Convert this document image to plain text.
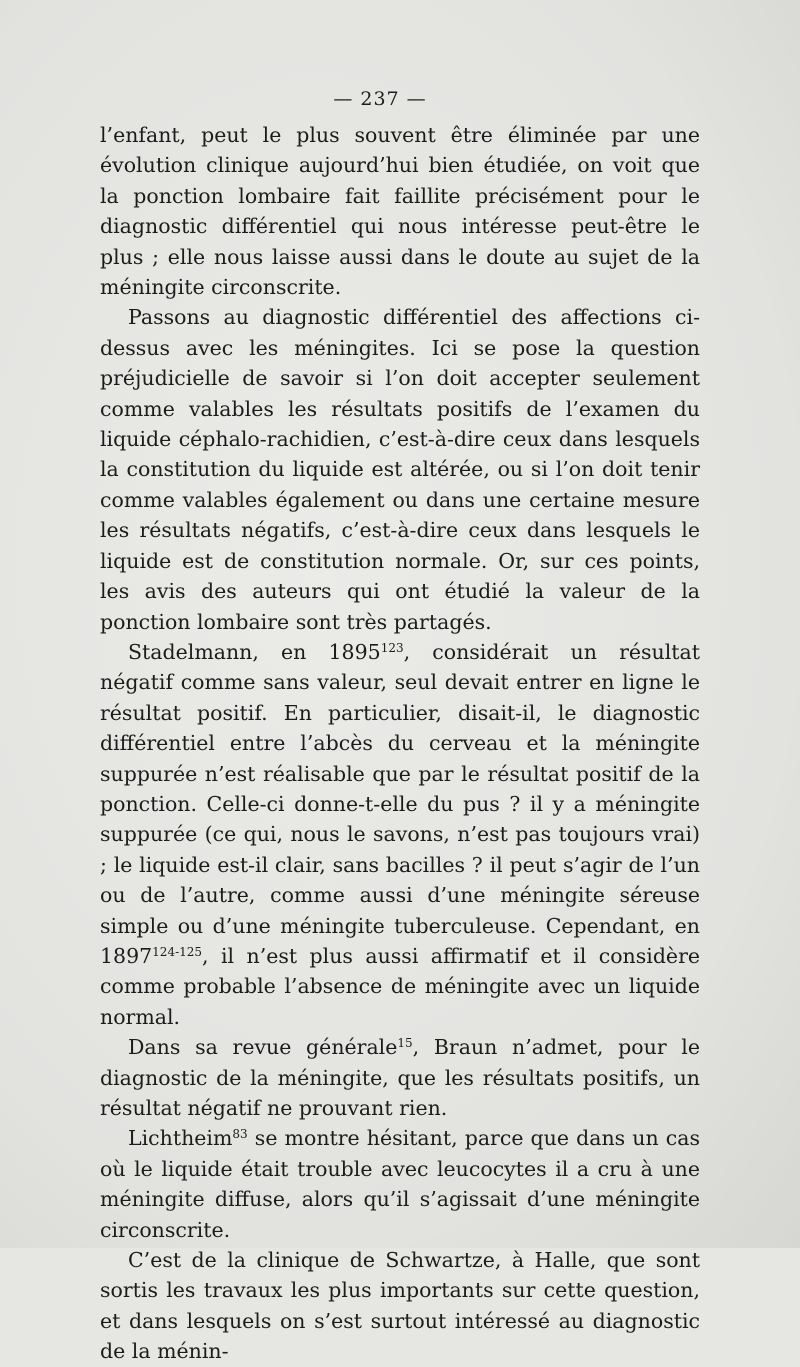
— 237 —

l’enfant, peut le plus souvent être éliminée par une évolution clinique aujourd’hui bien étudiée, on voit que la ponction lombaire fait faillite précisément pour le diagnostic différentiel qui nous intéresse peut-être le plus ; elle nous laisse aussi dans le doute au sujet de la méningite circonscrite.

Passons au diagnostic différentiel des affections ci-dessus avec les méningites. Ici se pose la question préjudicielle de savoir si l’on doit accepter seulement comme valables les résultats positifs de l’examen du liquide céphalo-rachidien, c’est-à-dire ceux dans lesquels la constitution du liquide est altérée, ou si l’on doit tenir comme valables également ou dans une certaine mesure les résultats négatifs, c’est-à-dire ceux dans lesquels le liquide est de constitution normale. Or, sur ces points, les avis des auteurs qui ont étudié la valeur de la ponction lombaire sont très partagés.

Stadelmann, en 1895$^{123}$, considérait un résultat négatif comme sans valeur, seul devait entrer en ligne le résultat positif. En particulier, disait-il, le diagnostic différentiel entre l’abcès du cerveau et la méningite suppurée n’est réalisable que par le résultat positif de la ponction. Celle-ci donne-t-elle du pus ? il y a méningite suppurée (ce qui, nous le savons, n’est pas toujours vrai) ; le liquide est-il clair, sans bacilles ? il peut s’agir de l’un ou de l’autre, comme aussi d’une méningite séreuse simple ou d’une méningite tuberculeuse. Cependant, en 1897$^{124-125}$, il n’est plus aussi affirmatif et il considère comme probable l’absence de méningite avec un liquide normal.

Dans sa revue générale$^{15}$, Braun n’admet, pour le diagnostic de la méningite, que les résultats positifs, un résultat négatif ne prouvant rien.

Lichtheim$^{83}$ se montre hésitant, parce que dans un cas où le liquide était trouble avec leucocytes il a cru à une méningite diffuse, alors qu’il s’agissait d’une méningite circonscrite.

C’est de la clinique de Schwartze, à Halle, que sont sortis les travaux les plus importants sur cette question, et dans lesquels on s’est surtout intéressé au diagnostic de la ménin-
